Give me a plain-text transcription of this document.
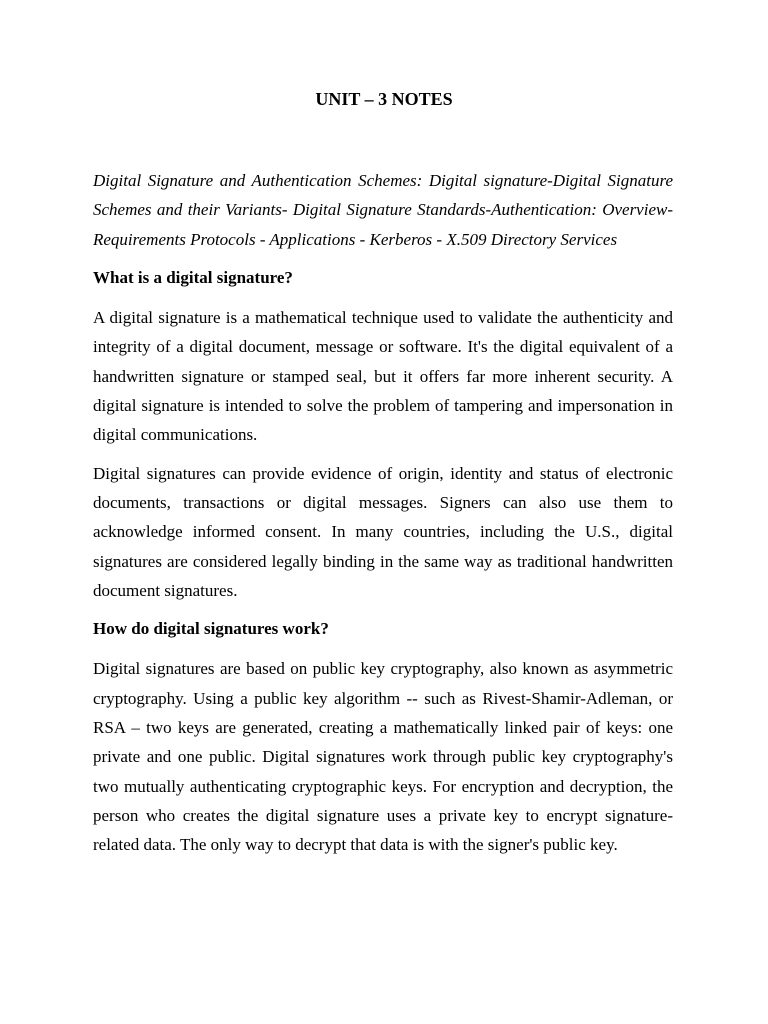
UNIT – 3 NOTES

Digital Signature and Authentication Schemes: Digital signature-Digital Signature Schemes and their Variants- Digital Signature Standards-Authentication: Overview- Requirements Protocols - Applications - Kerberos - X.509 Directory Services

What is a digital signature?

A digital signature is a mathematical technique used to validate the authenticity and integrity of a digital document, message or software. It's the digital equivalent of a handwritten signature or stamped seal, but it offers far more inherent security. A digital signature is intended to solve the problem of tampering and impersonation in digital communications.

Digital signatures can provide evidence of origin, identity and status of electronic documents, transactions or digital messages. Signers can also use them to acknowledge informed consent. In many countries, including the U.S., digital signatures are considered legally binding in the same way as traditional handwritten document signatures.

How do digital signatures work?

Digital signatures are based on public key cryptography, also known as asymmetric cryptography. Using a public key algorithm -- such as Rivest-Shamir-Adleman, or RSA – two keys are generated, creating a mathematically linked pair of keys: one private and one public. Digital signatures work through public key cryptography's two mutually authenticating cryptographic keys. For encryption and decryption, the person who creates the digital signature uses a private key to encrypt signature-related data. The only way to decrypt that data is with the signer's public key.
